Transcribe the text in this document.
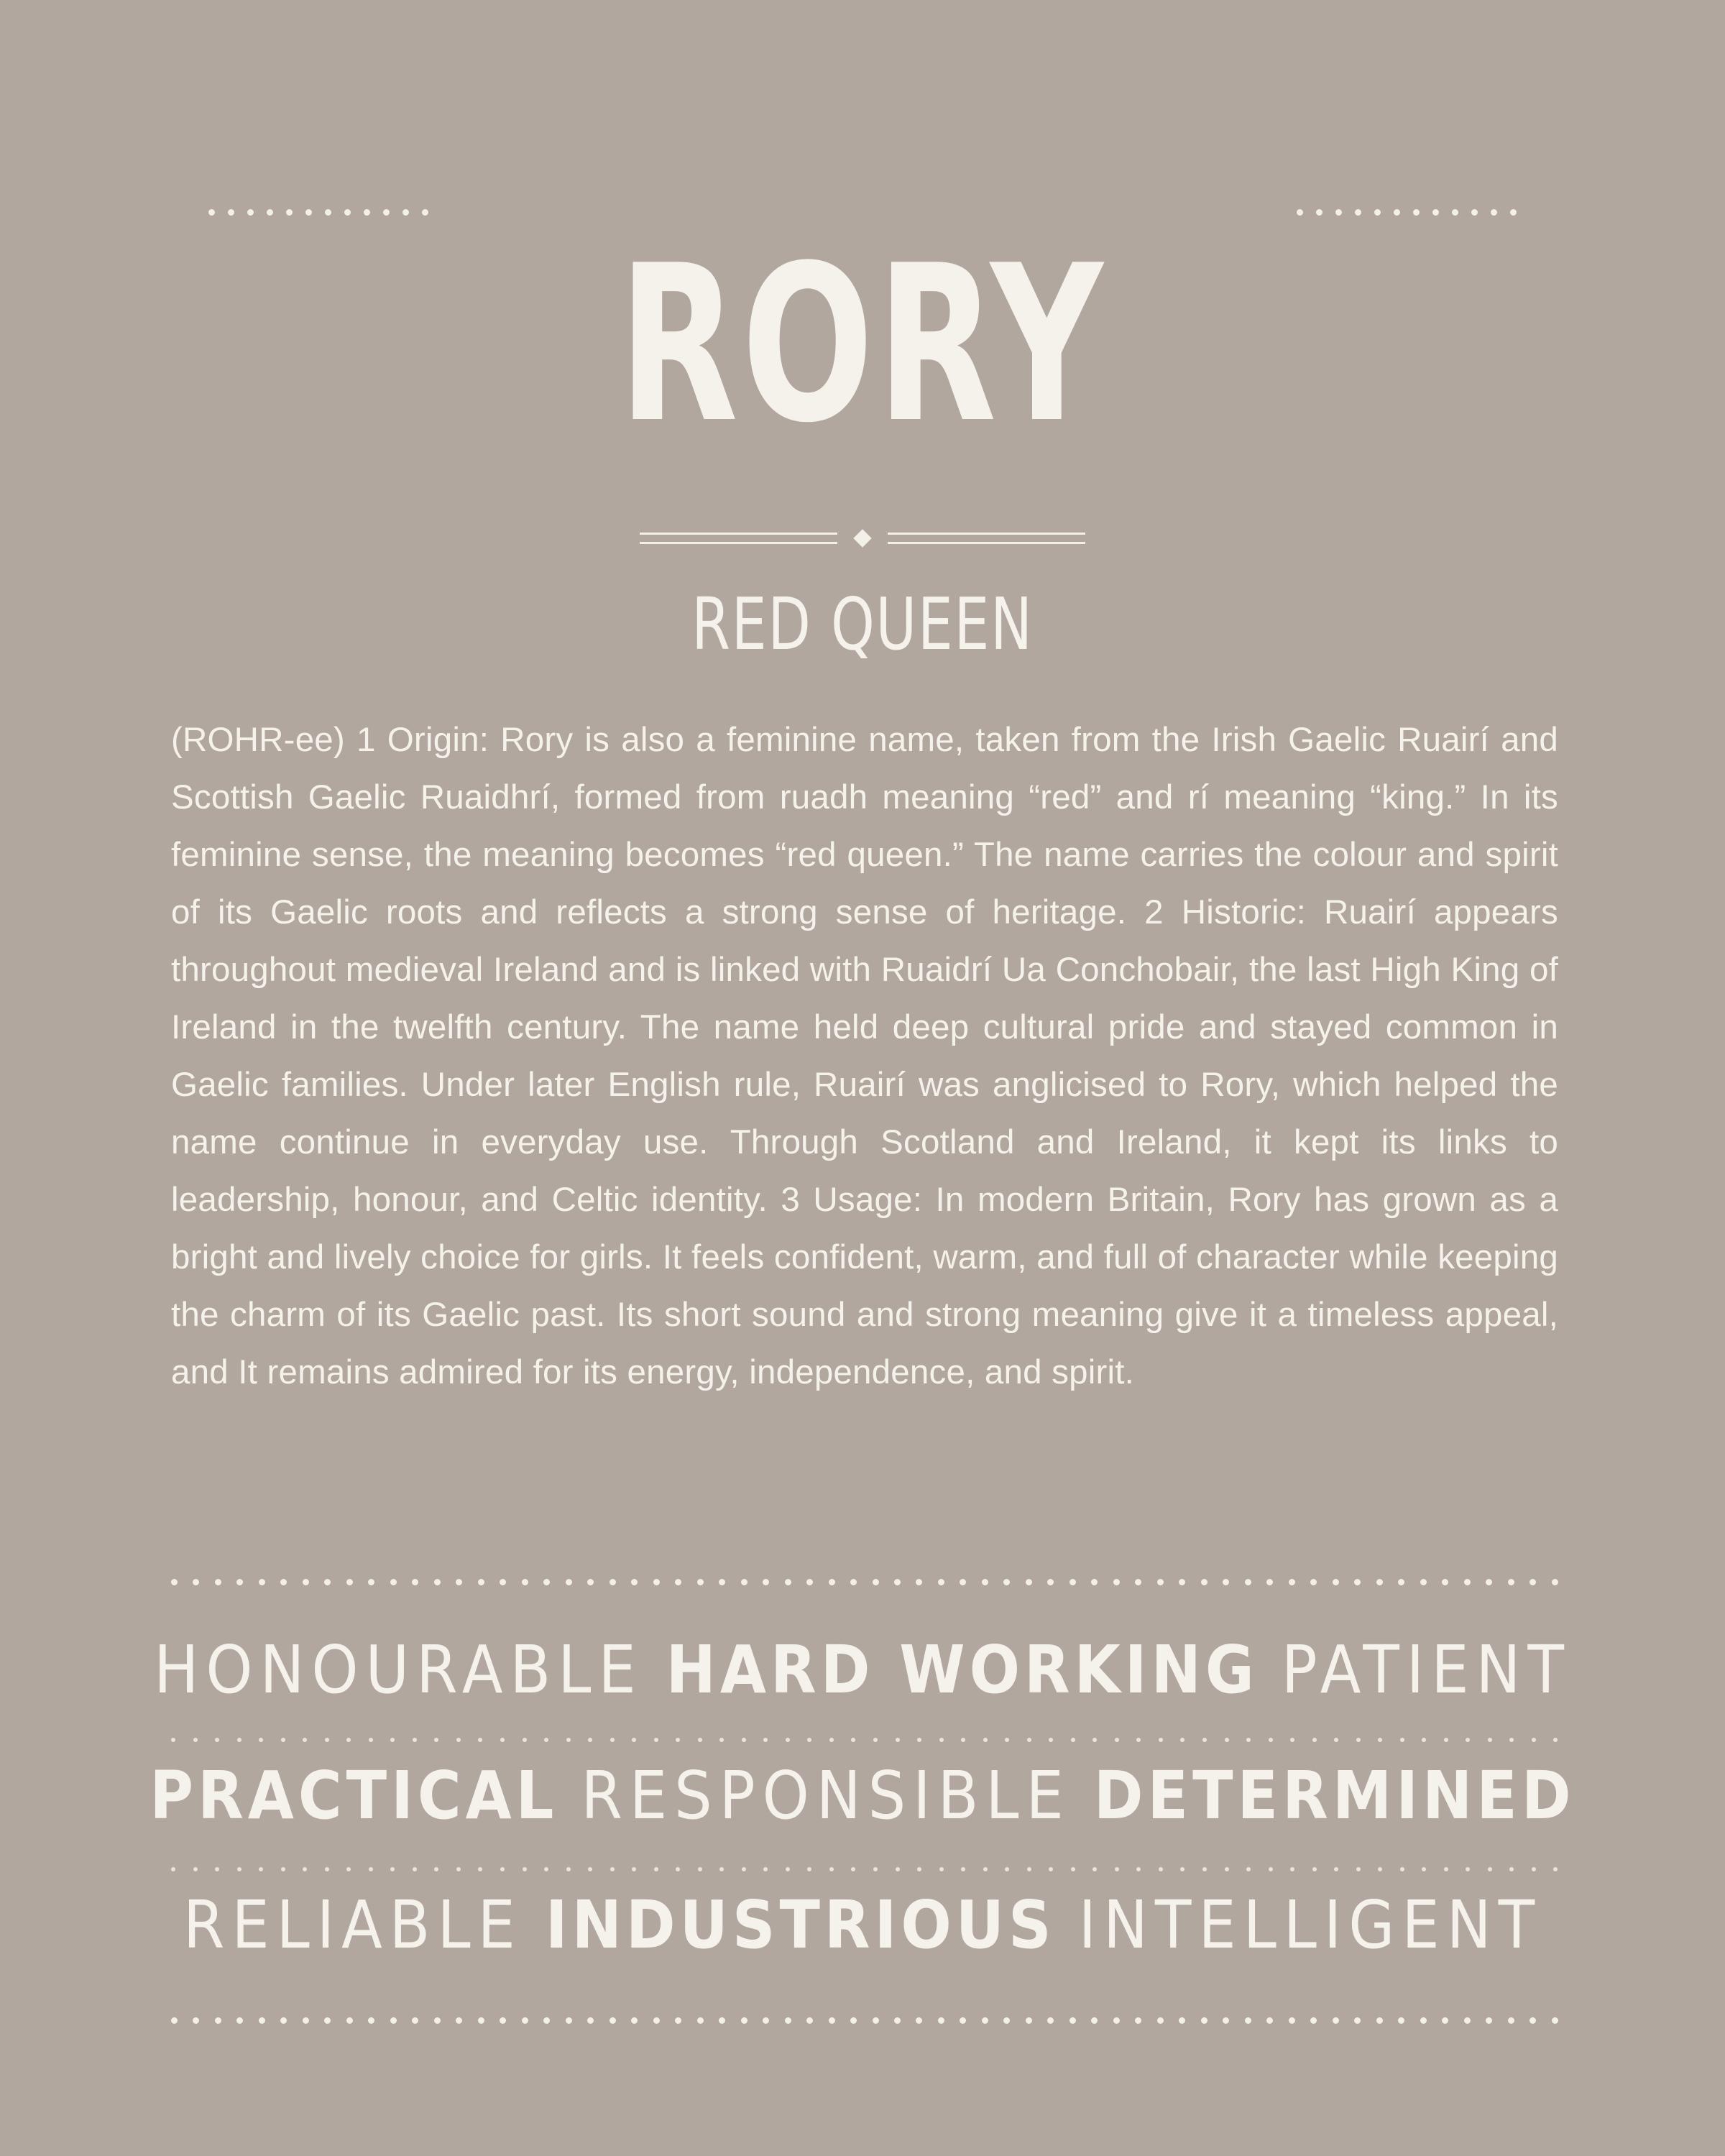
RORY
RED QUEEN
(ROHR-ee) 1 Origin: Rory is also a feminine name, taken from the Irish Gaelic Ruairí and Scottish Gaelic Ruaidhrí, formed from ruadh meaning “red” and rí meaning “king.” In its feminine sense, the meaning becomes “red queen.” The name carries the colour and spirit of its Gaelic roots and reflects a strong sense of heritage. 2 Historic: Ruairí appears throughout medieval Ireland and is linked with Ruaidrí Ua Conchobair, the last High King of Ireland in the twelfth century. The name held deep cultural pride and stayed common in Gaelic families. Under later English rule, Ruairí was anglicised to Rory, which helped the name continue in everyday use. Through Scotland and Ireland, it kept its links to leadership, honour, and Celtic identity. 3 Usage: In modern Britain, Rory has grown as a bright and lively choice for girls. It feels confident, warm, and full of character while keeping the charm of its Gaelic past. Its short sound and strong meaning give it a timeless appeal, and It remains admired for its energy, independence, and spirit.
HONOURABLE HARD WORKING PATIENT
PRACTICAL RESPONSIBLE DETERMINED
RELIABLE INDUSTRIOUS INTELLIGENT
